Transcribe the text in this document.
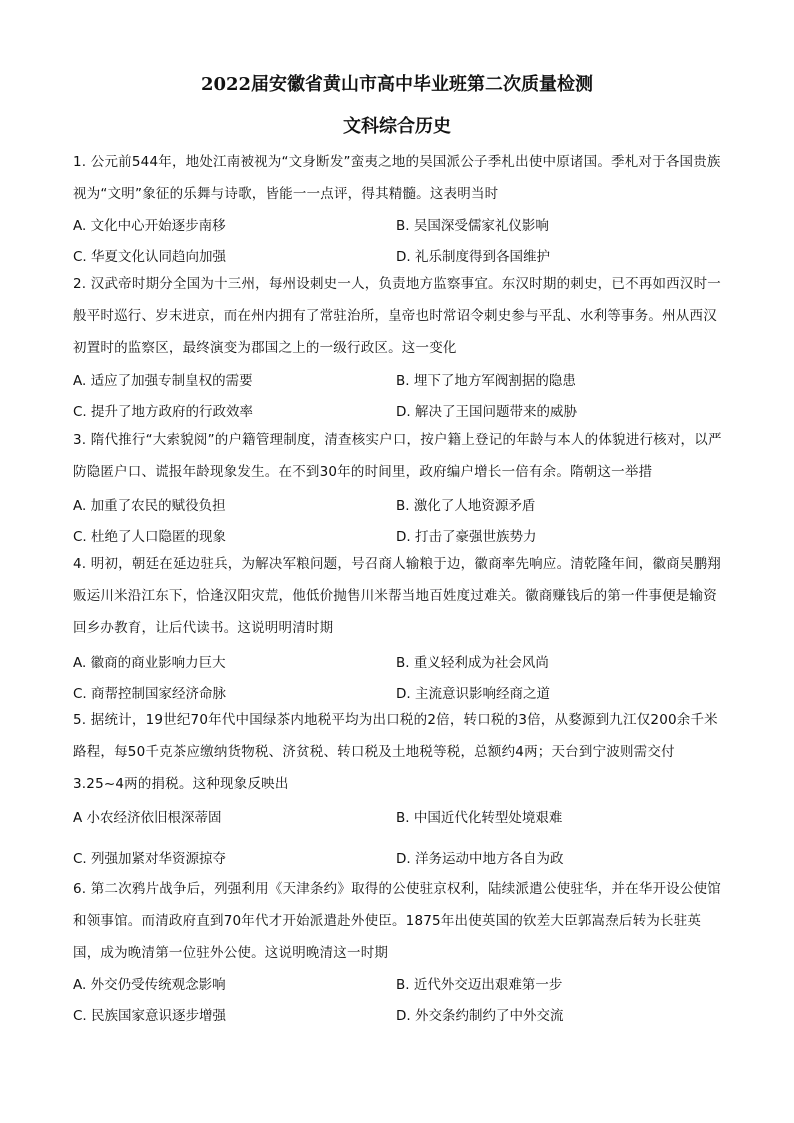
2022届安徽省黄山市高中毕业班第二次质量检测
文科综合历史
1. 公元前544年，地处江南被视为“文身断发”蛮夷之地的吴国派公子季札出使中原诸国。季札对于各国贵族视为“文明”象征的乐舞与诗歌，皆能一一点评，得其精髓。这表明当时
A. 文化中心开始逐步南移	B. 吴国深受儒家礼仪影响
C. 华夏文化认同趋向加强	D. 礼乐制度得到各国维护
2. 汉武帝时期分全国为十三州，每州设刺史一人，负责地方监察事宜。东汉时期的刺史，已不再如西汉时一般平时巡行、岁末进京，而在州内拥有了常驻治所，皇帝也时常诏令刺史参与平乱、水利等事务。州从西汉初置时的监察区，最终演变为郡国之上的一级行政区。这一变化
A. 适应了加强专制皇权的需要	B. 埋下了地方军阀割据的隐患
C. 提升了地方政府的行政效率	D. 解决了王国问题带来的威胁
3. 隋代推行“大索貌阅”的户籍管理制度，清查核实户口，按户籍上登记的年龄与本人的体貌进行核对，以严防隐匿户口、谎报年龄现象发生。在不到30年的时间里，政府编户增长一倍有余。隋朝这一举措
A. 加重了农民的赋役负担	B. 激化了人地资源矛盾
C. 杜绝了人口隐匿的现象	D. 打击了豪强世族势力
4. 明初，朝廷在延边驻兵，为解决军粮问题，号召商人输粮于边，徽商率先响应。清乾隆年间，徽商吴鹏翔贩运川米沿江东下，恰逢汉阳灾荒，他低价抛售川米帮当地百姓度过难关。徽商赚钱后的第一件事便是输资回乡办教育，让后代读书。这说明明清时期
A. 徽商的商业影响力巨大	B. 重义轻利成为社会风尚
C. 商帮控制国家经济命脉	D. 主流意识影响经商之道
5. 据统计，19世纪70年代中国绿茶内地税平均为出口税的2倍，转口税的3倍，从婺源到九江仅200余千米路程，每50千克茶应缴纳货物税、济贫税、转口税及土地税等税，总额约4两；天台到宁波则需交付3.25~4两的捐税。这种现象反映出
A 小农经济依旧根深蒂固	B. 中国近代化转型处境艰难
C. 列强加紧对华资源掠夺	D. 洋务运动中地方各自为政
6. 第二次鸦片战争后，列强利用《天津条约》取得的公使驻京权利，陆续派遣公使驻华，并在华开设公使馆和领事馆。而清政府直到70年代才开始派遣赴外使臣。1875年出使英国的钦差大臣郭嵩焘后转为长驻英国，成为晚清第一位驻外公使。这说明晚清这一时期
A. 外交仍受传统观念影响	B. 近代外交迈出艰难第一步
C. 民族国家意识逐步增强	D. 外交条约制约了中外交流
